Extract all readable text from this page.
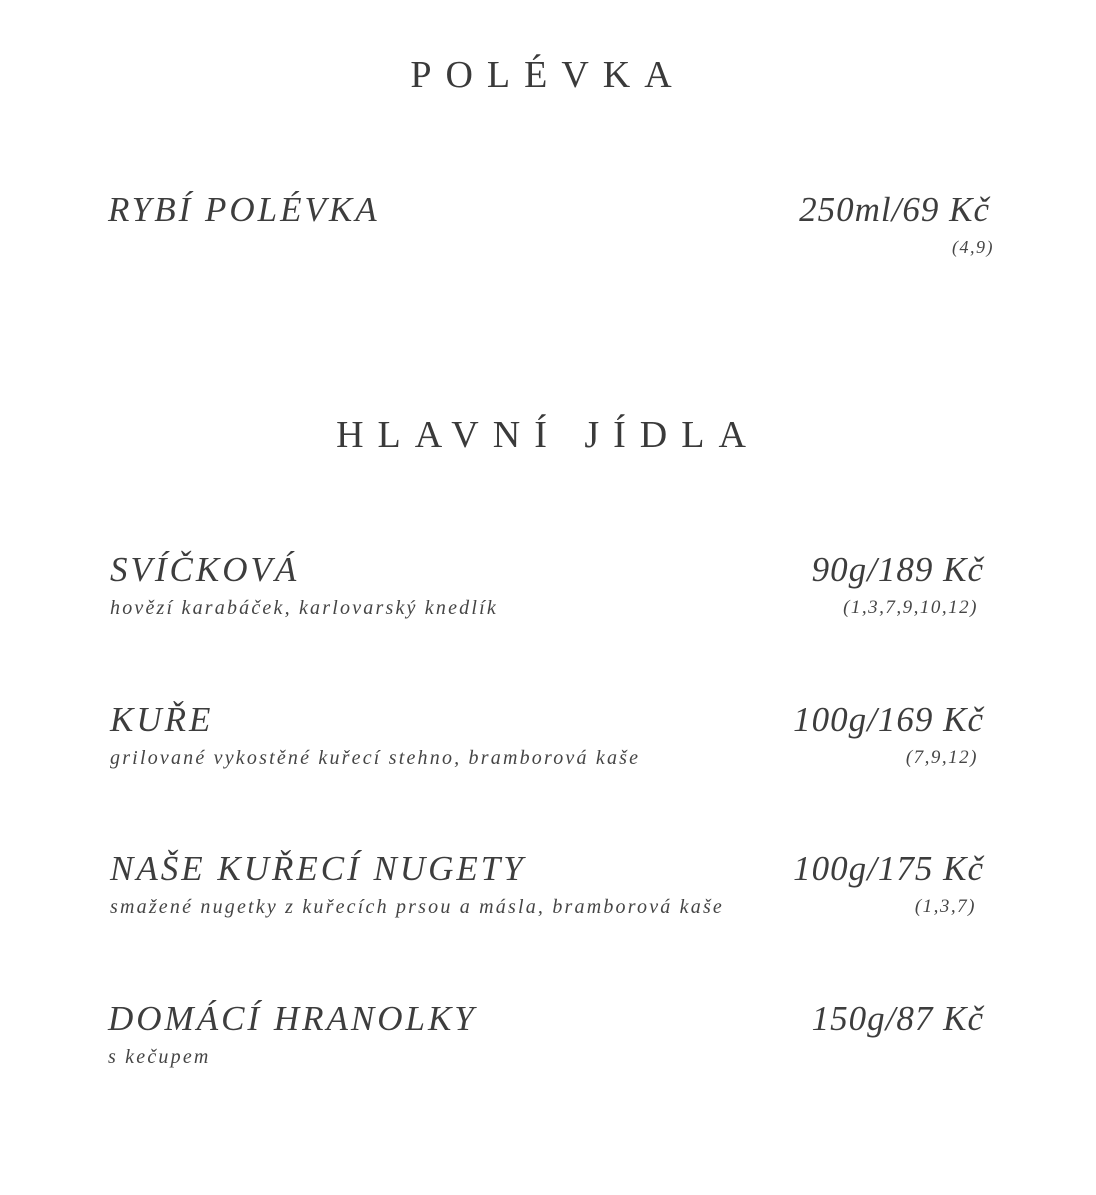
POLÉVKA
RYBÍ POLÉVKA	250ml/69 Kč
(4,9)
HLAVNÍ JÍDLA
SVÍČKOVÁ	90g/189 Kč
hovězí karabáček, karlovarský knedlík	(1,3,7,9,10,12)
KUŘE	100g/169 Kč
grilované vykostěné kuřecí stehno, bramborová kaše	(7,9,12)
NAŠE KUŘECÍ NUGETY	100g/175 Kč
smažené nugetky z kuřecích prsou a másla, bramborová kaše	(1,3,7)
DOMÁCÍ HRANOLKY	150g/87 Kč
s kečupem
